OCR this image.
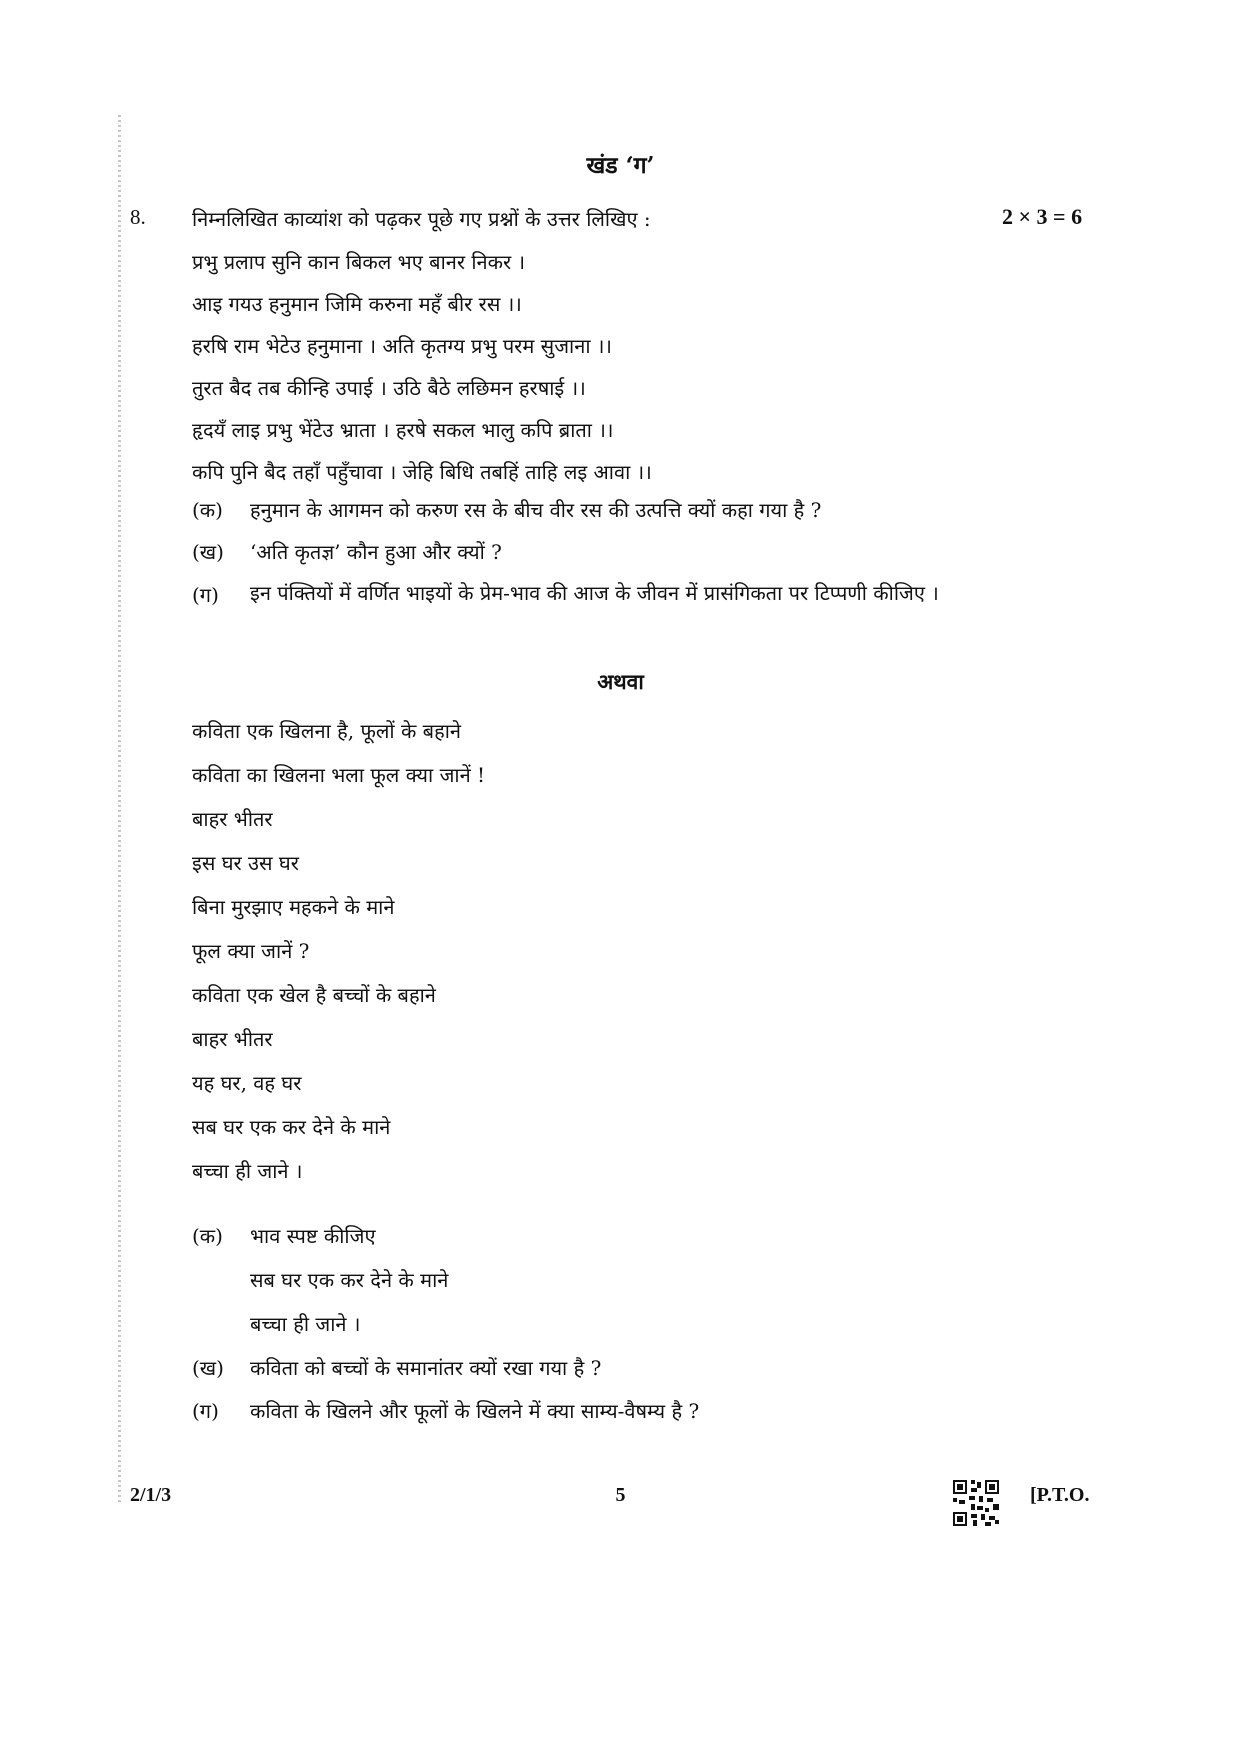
खंड ‘ग’
8. निम्नलिखित काव्यांश को पढ़कर पूछे गए प्रश्नों के उत्तर लिखिए :	2 × 3 = 6
प्रभु प्रलाप सुनि कान बिकल भए बानर निकर ।
आइ गयउ हनुमान जिमि करुना महँ बीर रस ।।
हरषि राम भेटेउ हनुमाना । अति कृतग्य प्रभु परम सुजाना ।।
तुरत बैद तब कीन्हि उपाई । उठि बैठे लछिमन हरषाई ।।
हृदयँ लाइ प्रभु भेंटेउ भ्राता । हरषे सकल भालु कपि ब्राता ।।
कपि पुनि बैद तहाँ पहुँचावा । जेहि बिधि तबहिं ताहि लइ आवा ।।
(क) हनुमान के आगमन को करुण रस के बीच वीर रस की उत्पत्ति क्यों कहा गया है ?
(ख) ‘अति कृतज्ञ’ कौन हुआ और क्यों ?
(ग) इन पंक्तियों में वर्णित भाइयों के प्रेम-भाव की आज के जीवन में प्रासंगिकता पर टिप्पणी कीजिए ।
अथवा
कविता एक खिलना है, फूलों के बहाने
कविता का खिलना भला फूल क्या जानें !
बाहर भीतर
इस घर उस घर
बिना मुरझाए महकने के माने
फूल क्या जानें ?
कविता एक खेल है बच्चों के बहाने
बाहर भीतर
यह घर, वह घर
सब घर एक कर देने के माने
बच्चा ही जाने ।
(क) भाव स्पष्ट कीजिए
सब घर एक कर देने के माने
बच्चा ही जाने ।
(ख) कविता को बच्चों के समानांतर क्यों रखा गया है ?
(ग) कविता के खिलने और फूलों के खिलने में क्या साम्य-वैषम्य है ?
2/1/3	5	[P.T.O.
